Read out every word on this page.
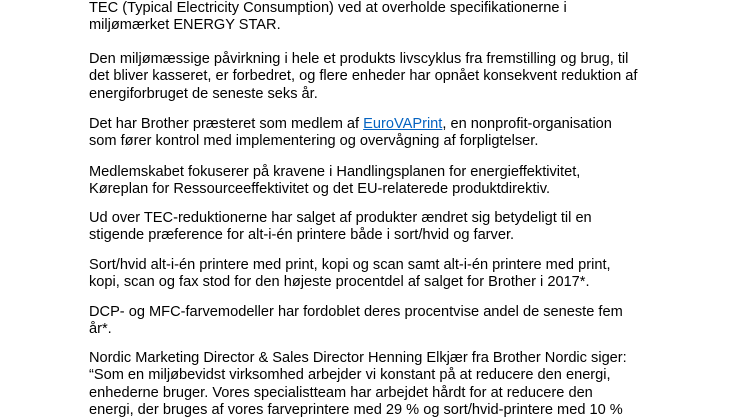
TEC (Typical Electricity Consumption) ved at overholde specifikationerne i
miljømærket ENERGY STAR.
Den miljømæssige påvirkning i hele et produkts livscyklus fra fremstilling og brug, til
det bliver kasseret, er forbedret, og flere enheder har opnået konsekvent reduktion af
energiforbruget de seneste seks år.
Det har Brother præsteret som medlem af EuroVAPrint, en nonprofit-organisation
som fører kontrol med implementering og overvågning af forpligtelser.
Medlemskabet fokuserer på kravene i Handlingsplanen for energieffektivitet,
Køreplan for Ressourceeffektivitet og det EU-relaterede produktdirektiv.
Ud over TEC-reduktionerne har salget af produkter ændret sig betydeligt til en
stigende præference for alt-i-én printere både i sort/hvid og farver.
Sort/hvid alt-i-én printere med print, kopi og scan samt alt-i-én printere med print,
kopi, scan og fax stod for den højeste procentdel af salget for Brother i 2017*.
DCP- og MFC-farvemodeller har fordoblet deres procentvise andel de seneste fem
år*.
Nordic Marketing Director & Sales Director Henning Elkjær fra Brother Nordic siger:
“Som en miljøbevidst virksomhed arbejder vi konstant på at reducere den energi,
enhederne bruger. Vores specialistteam har arbejdet hårdt for at reducere den
energi, der bruges af vores farveprintere med 29 % og sort/hvid-printere med 10 %
